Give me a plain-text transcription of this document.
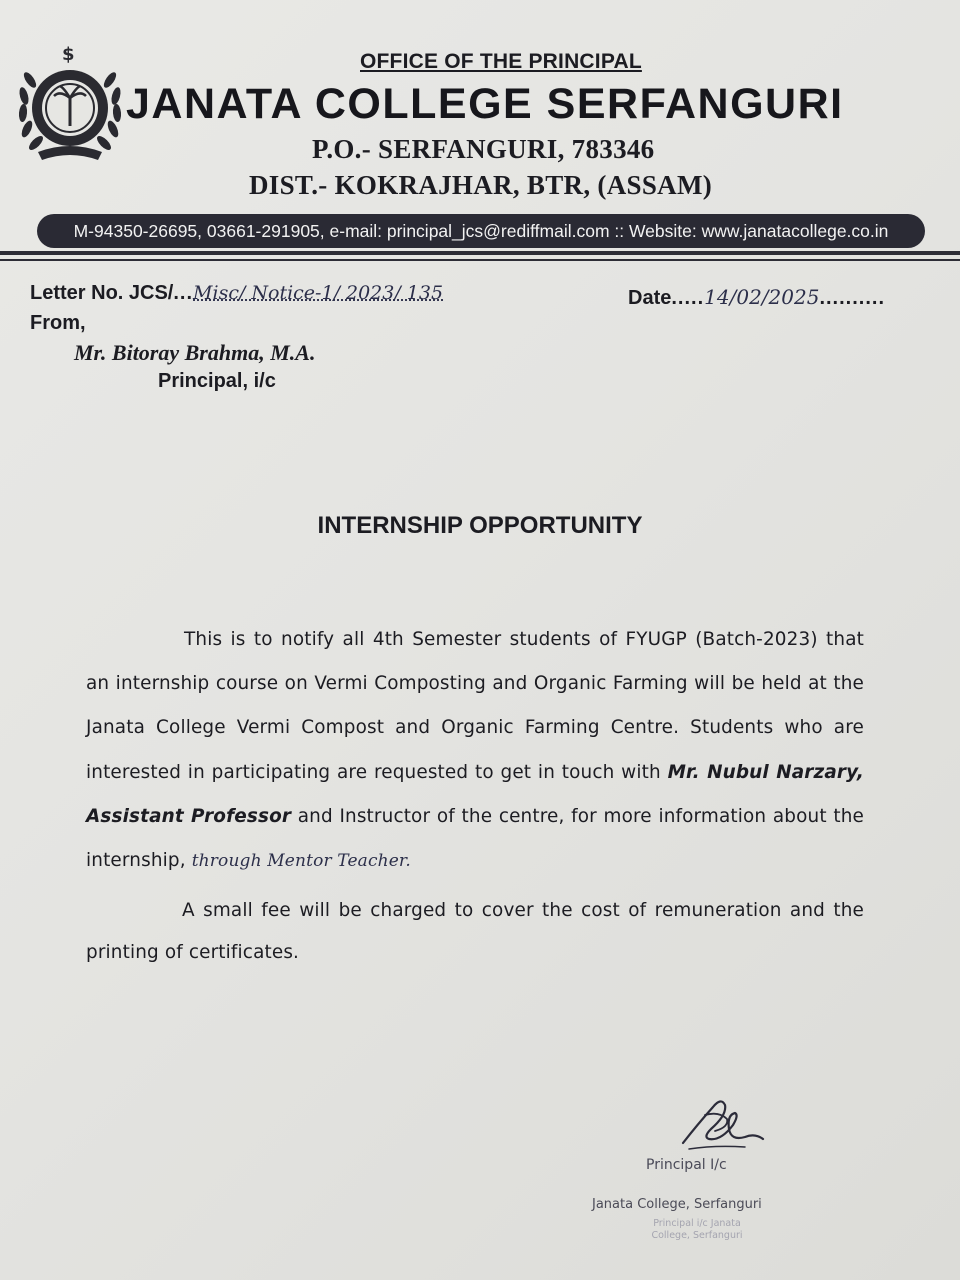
$	OFFICE OF THE PRINCIPAL
JANATA COLLEGE SERFANGURI
P.O.- SERFANGURI, 783346
DIST.- KOKRAJHAR, BTR, (ASSAM)
M-94350-26695, 03661-291905, e-mail: principal_jcs@rediffmail.com :: Website: www.janatacollege.co.in
Letter No. JCS/...Misc/ Notice-1/ 2023/ 135	Date.....14/02/2025..........
From,
Mr. Bitoray Brahma, M.A.
Principal, i/c
INTERNSHIP OPPORTUNITY
This is to notify all 4th Semester students of FYUGP (Batch-2023) that an internship course on Vermi Composting and Organic Farming will be held at the Janata College Vermi Compost and Organic Farming Centre. Students who are interested in participating are requested to get in touch with Mr. Nubul Narzary, Assistant Professor and Instructor of the centre, for more information about the internship, through Mentor Teacher.
A small fee will be charged to cover the cost of remuneration and the printing of certificates.
Principal I/c
Janata College, Serfanguri
Principal i/c Janata College, Serfanguri
